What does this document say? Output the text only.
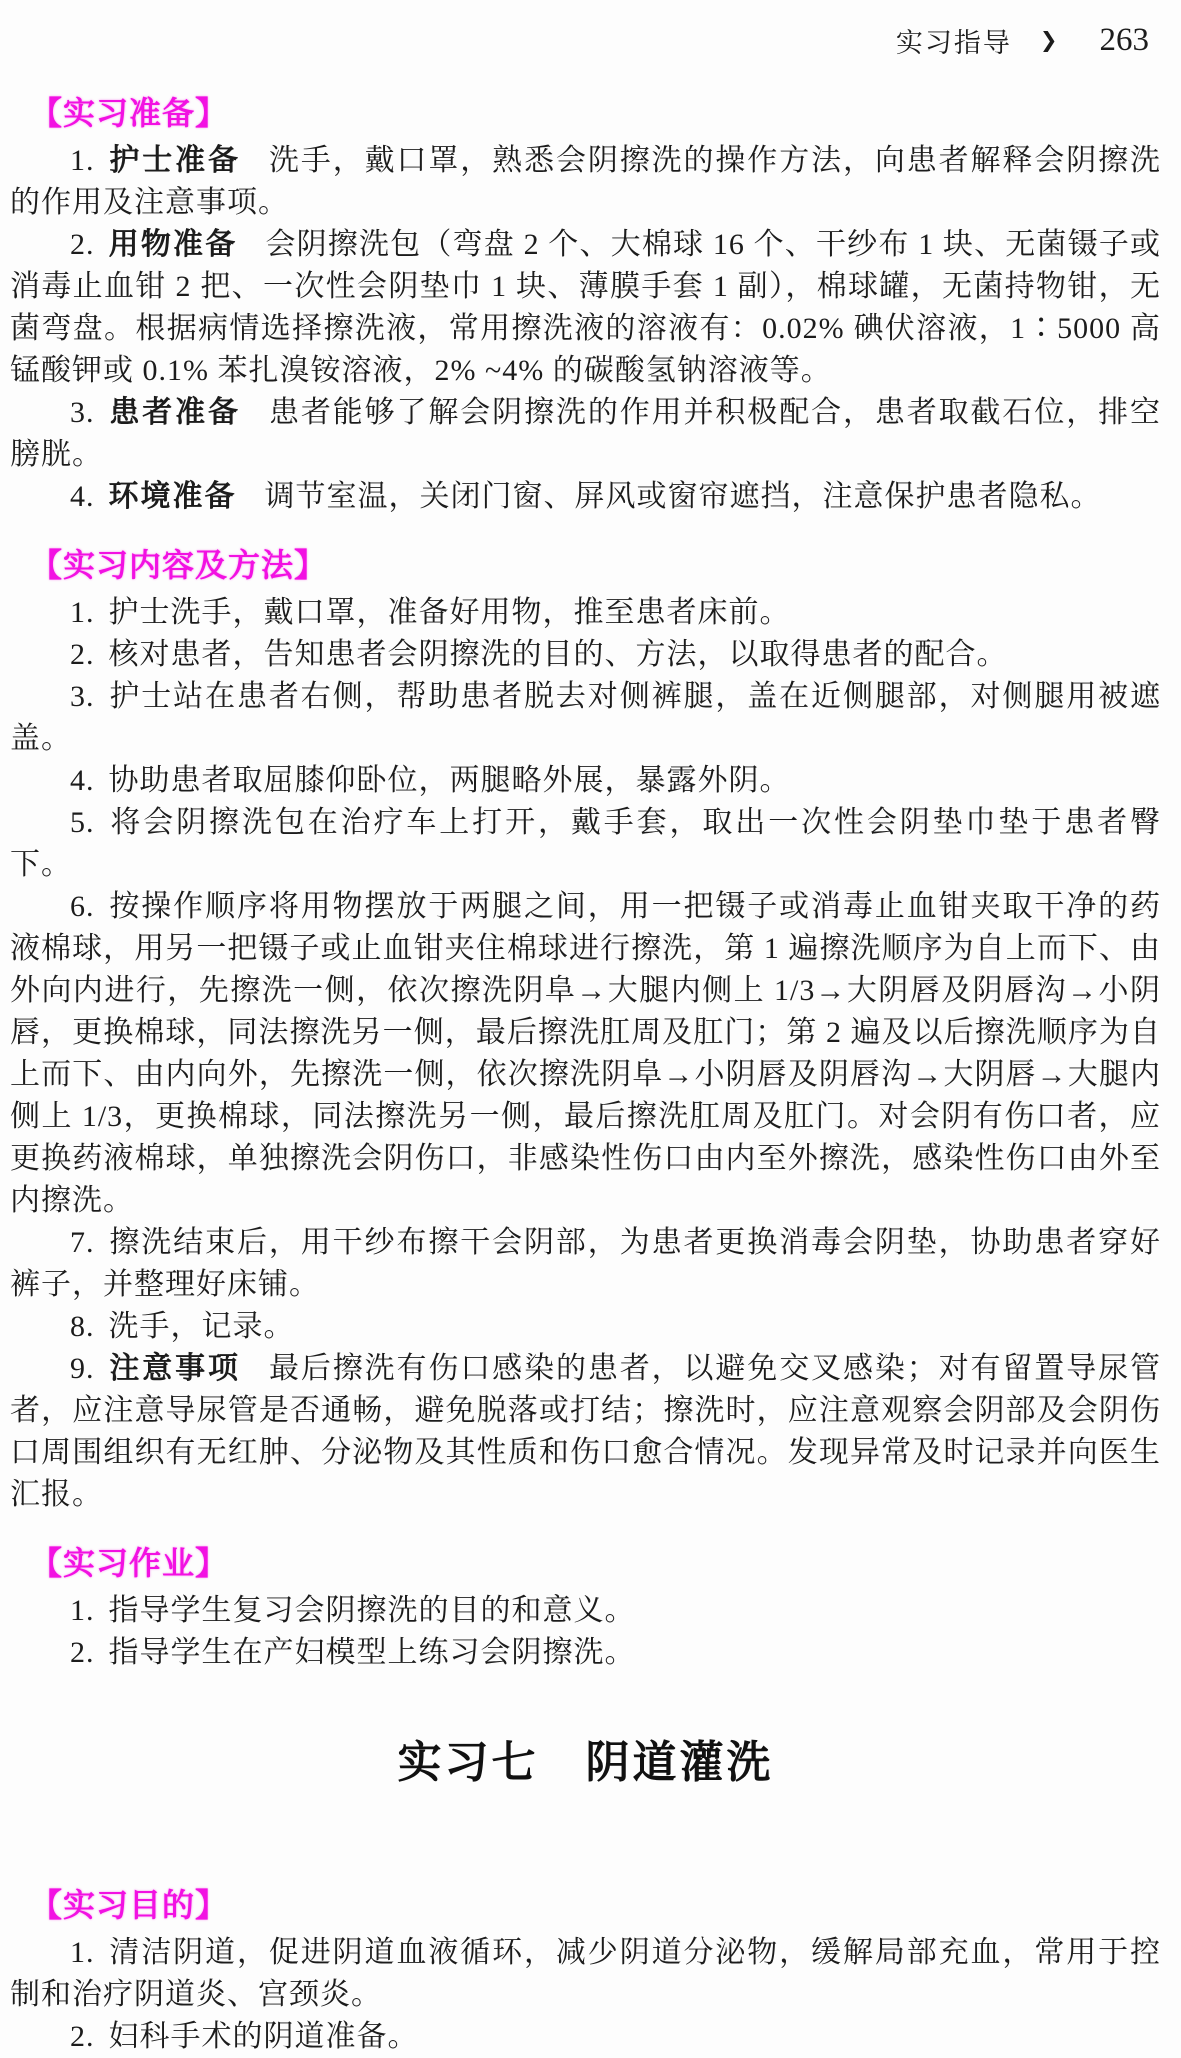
实习指导 ❯ 263
【实习准备】

1. 护士准备 洗手，戴口罩，熟悉会阴擦洗的操作方法，向患者解释会阴擦洗的作用及注意事项。

2. 用物准备 会阴擦洗包（弯盘 2 个、大棉球 16 个、干纱布 1 块、无菌镊子或消毒止血钳 2 把、一次性会阴垫巾 1 块、薄膜手套 1 副），棉球罐，无菌持物钳，无菌弯盘。根据病情选择擦洗液，常用擦洗液的溶液有：0.02% 碘伏溶液，1∶5000 高锰酸钾或 0.1% 苯扎溴铵溶液，2% ~4% 的碳酸氢钠溶液等。

3. 患者准备 患者能够了解会阴擦洗的作用并积极配合，患者取截石位，排空膀胱。

4. 环境准备 调节室温，关闭门窗、屏风或窗帘遮挡，注意保护患者隐私。

【实习内容及方法】

1. 护士洗手，戴口罩，准备好用物，推至患者床前。

2. 核对患者，告知患者会阴擦洗的目的、方法，以取得患者的配合。

3. 护士站在患者右侧，帮助患者脱去对侧裤腿，盖在近侧腿部，对侧腿用被遮盖。

4. 协助患者取屈膝仰卧位，两腿略外展，暴露外阴。

5. 将会阴擦洗包在治疗车上打开，戴手套，取出一次性会阴垫巾垫于患者臀下。

6. 按操作顺序将用物摆放于两腿之间，用一把镊子或消毒止血钳夹取干净的药液棉球，用另一把镊子或止血钳夹住棉球进行擦洗，第 1 遍擦洗顺序为自上而下、由外向内进行，先擦洗一侧，依次擦洗阴阜→大腿内侧上 1/3→大阴唇及阴唇沟→小阴唇，更换棉球，同法擦洗另一侧，最后擦洗肛周及肛门；第 2 遍及以后擦洗顺序为自上而下、由内向外，先擦洗一侧，依次擦洗阴阜→小阴唇及阴唇沟→大阴唇→大腿内侧上 1/3，更换棉球，同法擦洗另一侧，最后擦洗肛周及肛门。对会阴有伤口者，应更换药液棉球，单独擦洗会阴伤口，非感染性伤口由内至外擦洗，感染性伤口由外至内擦洗。

7. 擦洗结束后，用干纱布擦干会阴部，为患者更换消毒会阴垫，协助患者穿好裤子，并整理好床铺。

8. 洗手，记录。

9. 注意事项 最后擦洗有伤口感染的患者，以避免交叉感染；对有留置导尿管者，应注意导尿管是否通畅，避免脱落或打结；擦洗时，应注意观察会阴部及会阴伤口周围组织有无红肿、分泌物及其性质和伤口愈合情况。发现异常及时记录并向医生汇报。

【实习作业】

1. 指导学生复习会阴擦洗的目的和意义。

2. 指导学生在产妇模型上练习会阴擦洗。

实习七　阴道灌洗
【实习目的】

1. 清洁阴道，促进阴道血液循环，减少阴道分泌物，缓解局部充血，常用于控制和治疗阴道炎、宫颈炎。

2. 妇科手术的阴道准备。
